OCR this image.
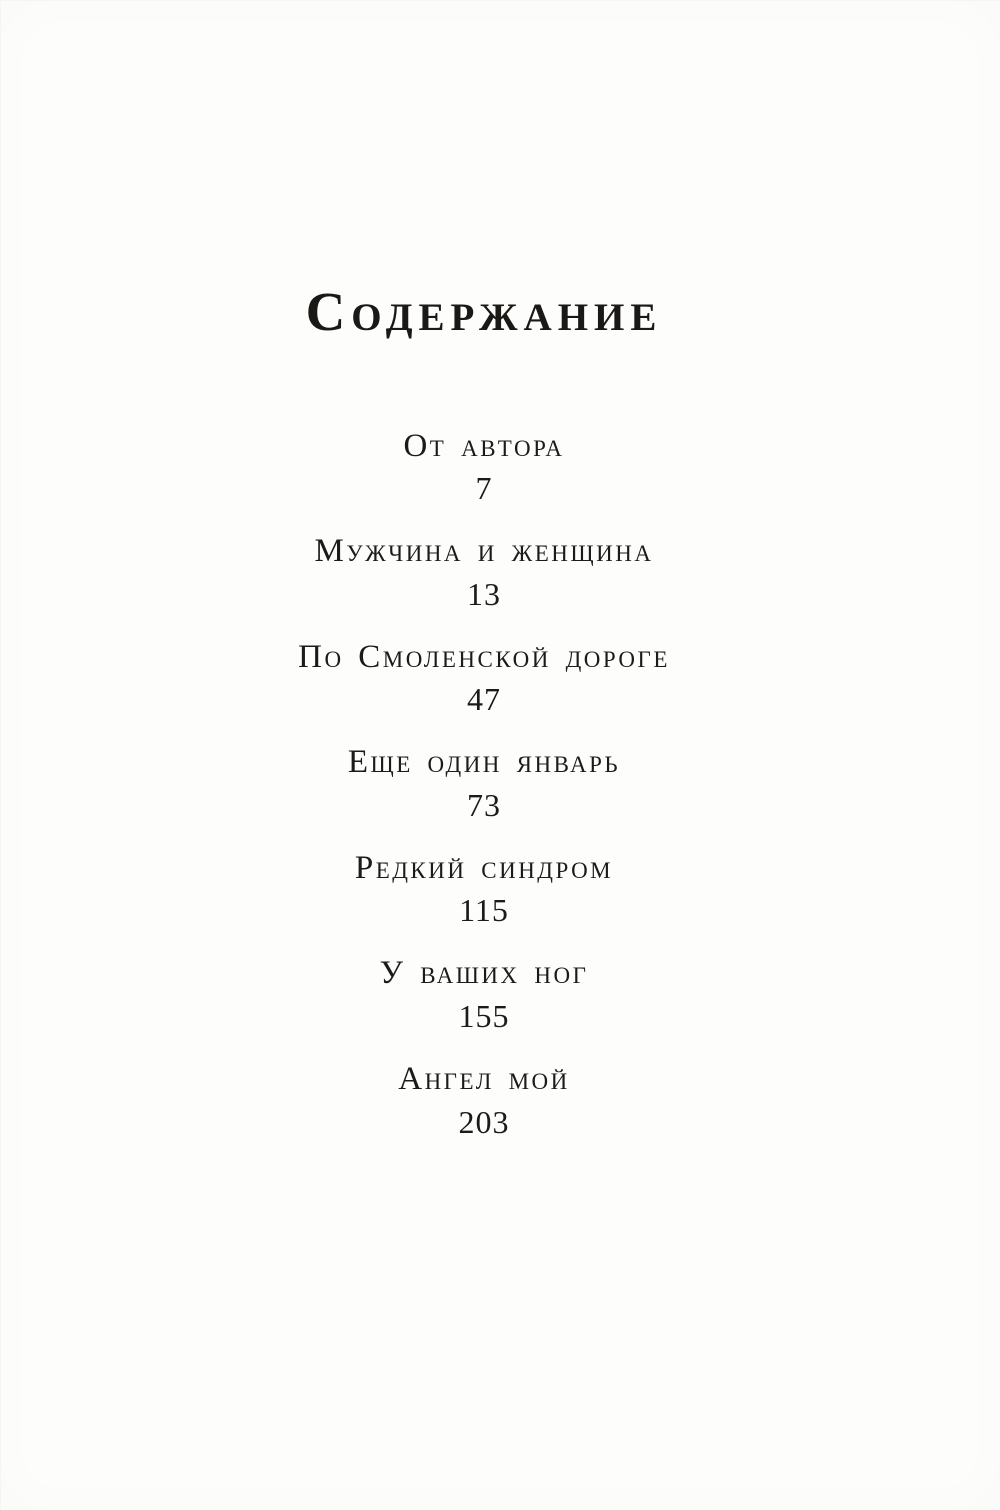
Содержание
От автора
7
Мужчина и женщина
13
По Смоленской дороге
47
Еще один январь
73
Редкий синдром
115
У ваших ног
155
Ангел мой
203
